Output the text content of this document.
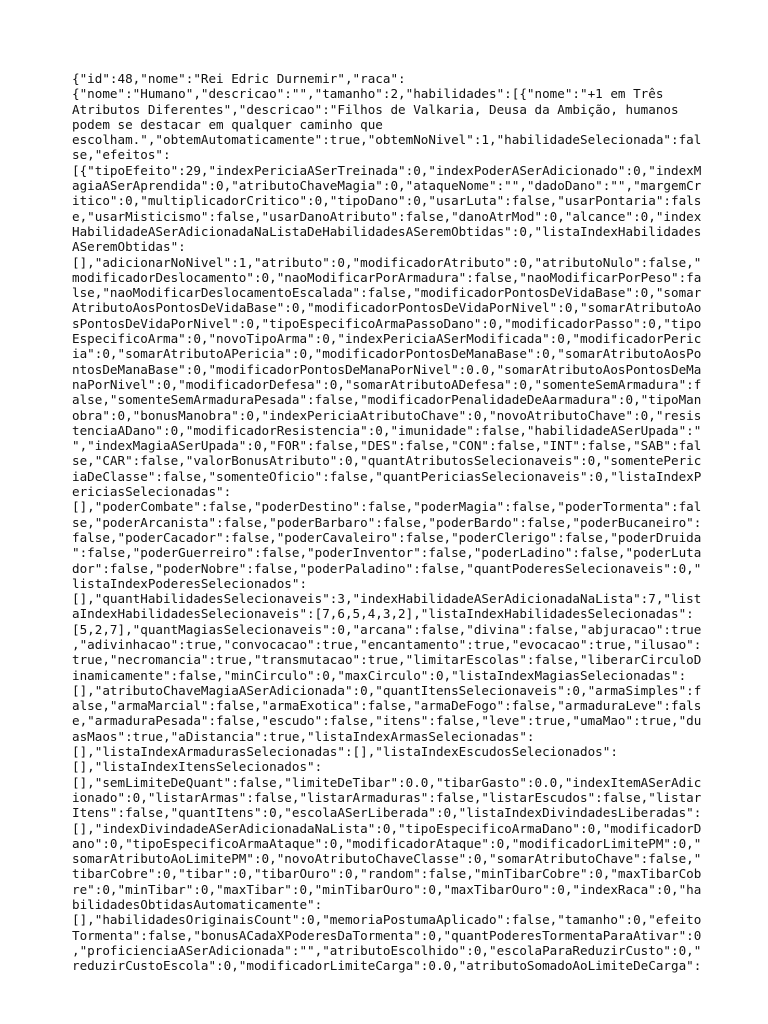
{"id":48,"nome":"Rei Edric Durnemir","raca":
{"nome":"Humano","descricao":"","tamanho":2,"habilidades":[{"nome":"+1 em Três
Atributos Diferentes","descricao":"Filhos de Valkaria, Deusa da Ambição, humanos
podem se destacar em qualquer caminho que
escolham.","obtemAutomaticamente":true,"obtemNoNivel":1,"habilidadeSelecionada":fal
se,"efeitos":
[{"tipoEfeito":29,"indexPericiaASerTreinada":0,"indexPoderASerAdicionado":0,"indexM
agiaASerAprendida":0,"atributoChaveMagia":0,"ataqueNome":"","dadoDano":"","margemCr
itico":0,"multiplicadorCritico":0,"tipoDano":0,"usarLuta":false,"usarPontaria":fals
e,"usarMisticismo":false,"usarDanoAtributo":false,"danoAtrMod":0,"alcance":0,"index
HabilidadeASerAdicionadaNaListaDeHabilidadesASeremObtidas":0,"listaIndexHabilidades
ASeremObtidas":
[],"adicionarNoNivel":1,"atributo":0,"modificadorAtributo":0,"atributoNulo":false,"
modificadorDeslocamento":0,"naoModificarPorArmadura":false,"naoModificarPorPeso":fa
lse,"naoModificarDeslocamentoEscalada":false,"modificadorPontosDeVidaBase":0,"somar
AtributoAosPontosDeVidaBase":0,"modificadorPontosDeVidaPorNivel":0,"somarAtributoAo
sPontosDeVidaPorNivel":0,"tipoEspecificoArmaPassoDano":0,"modificadorPasso":0,"tipo
EspecificoArma":0,"novoTipoArma":0,"indexPericiaASerModificada":0,"modificadorPeric
ia":0,"somarAtributoAPericia":0,"modificadorPontosDeManaBase":0,"somarAtributoAosPo
ntosDeManaBase":0,"modificadorPontosDeManaPorNivel":0.0,"somarAtributoAosPontosDeMa
naPorNivel":0,"modificadorDefesa":0,"somarAtributoADefesa":0,"somenteSemArmadura":f
alse,"somenteSemArmaduraPesada":false,"modificadorPenalidadeDeAarmadura":0,"tipoMan
obra":0,"bonusManobra":0,"indexPericiaAtributoChave":0,"novoAtributoChave":0,"resis
tenciaADano":0,"modificadorResistencia":0,"imunidade":false,"habilidadeASerUpada":"
","indexMagiaASerUpada":0,"FOR":false,"DES":false,"CON":false,"INT":false,"SAB":fal
se,"CAR":false,"valorBonusAtributo":0,"quantAtributosSelecionaveis":0,"somentePeric
iaDeClasse":false,"somenteOficio":false,"quantPericiasSelecionaveis":0,"listaIndexP
ericiasSelecionadas":
[],"poderCombate":false,"poderDestino":false,"poderMagia":false,"poderTormenta":fal
se,"poderArcanista":false,"poderBarbaro":false,"poderBardo":false,"poderBucaneiro":
false,"poderCacador":false,"poderCavaleiro":false,"poderClerigo":false,"poderDruida
":false,"poderGuerreiro":false,"poderInventor":false,"poderLadino":false,"poderLuta
dor":false,"poderNobre":false,"poderPaladino":false,"quantPoderesSelecionaveis":0,"
listaIndexPoderesSelecionados":
[],"quantHabilidadesSelecionaveis":3,"indexHabilidadeASerAdicionadaNaLista":7,"list
aIndexHabilidadesSelecionaveis":[7,6,5,4,3,2],"listaIndexHabilidadesSelecionadas":
[5,2,7],"quantMagiasSelecionaveis":0,"arcana":false,"divina":false,"abjuracao":true
,"adivinhacao":true,"convocacao":true,"encantamento":true,"evocacao":true,"ilusao":
true,"necromancia":true,"transmutacao":true,"limitarEscolas":false,"liberarCirculoD
inamicamente":false,"minCirculo":0,"maxCirculo":0,"listaIndexMagiasSelecionadas":
[],"atributoChaveMagiaASerAdicionada":0,"quantItensSelecionaveis":0,"armaSimples":f
alse,"armaMarcial":false,"armaExotica":false,"armaDeFogo":false,"armaduraLeve":fals
e,"armaduraPesada":false,"escudo":false,"itens":false,"leve":true,"umaMao":true,"du
asMaos":true,"aDistancia":true,"listaIndexArmasSelecionadas":
[],"listaIndexArmadurasSelecionadas":[],"listaIndexEscudosSelecionados":
[],"listaIndexItensSelecionados":
[],"semLimiteDeQuant":false,"limiteDeTibar":0.0,"tibarGasto":0.0,"indexItemASerAdic
ionado":0,"listarArmas":false,"listarArmaduras":false,"listarEscudos":false,"listar
Itens":false,"quantItens":0,"escolaASerLiberada":0,"listaIndexDivindadesLiberadas":
[],"indexDivindadeASerAdicionadaNaLista":0,"tipoEspecificoArmaDano":0,"modificadorD
ano":0,"tipoEspecificoArmaAtaque":0,"modificadorAtaque":0,"modificadorLimitePM":0,"
somarAtributoAoLimitePM":0,"novoAtributoChaveClasse":0,"somarAtributoChave":false,"
tibarCobre":0,"tibar":0,"tibarOuro":0,"random":false,"minTibarCobre":0,"maxTibarCob
re":0,"minTibar":0,"maxTibar":0,"minTibarOuro":0,"maxTibarOuro":0,"indexRaca":0,"ha
bilidadesObtidasAutomaticamente":
[],"habilidadesOriginaisCount":0,"memoriaPostumaAplicado":false,"tamanho":0,"efeito
Tormenta":false,"bonusACadaXPoderesDaTormenta":0,"quantPoderesTormentaParaAtivar":0
,"proficienciaASerAdicionada":"","atributoEscolhido":0,"escolaParaReduzirCusto":0,"
reduzirCustoEscola":0,"modificadorLimiteCarga":0.0,"atributoSomadoAoLimiteDeCarga":
